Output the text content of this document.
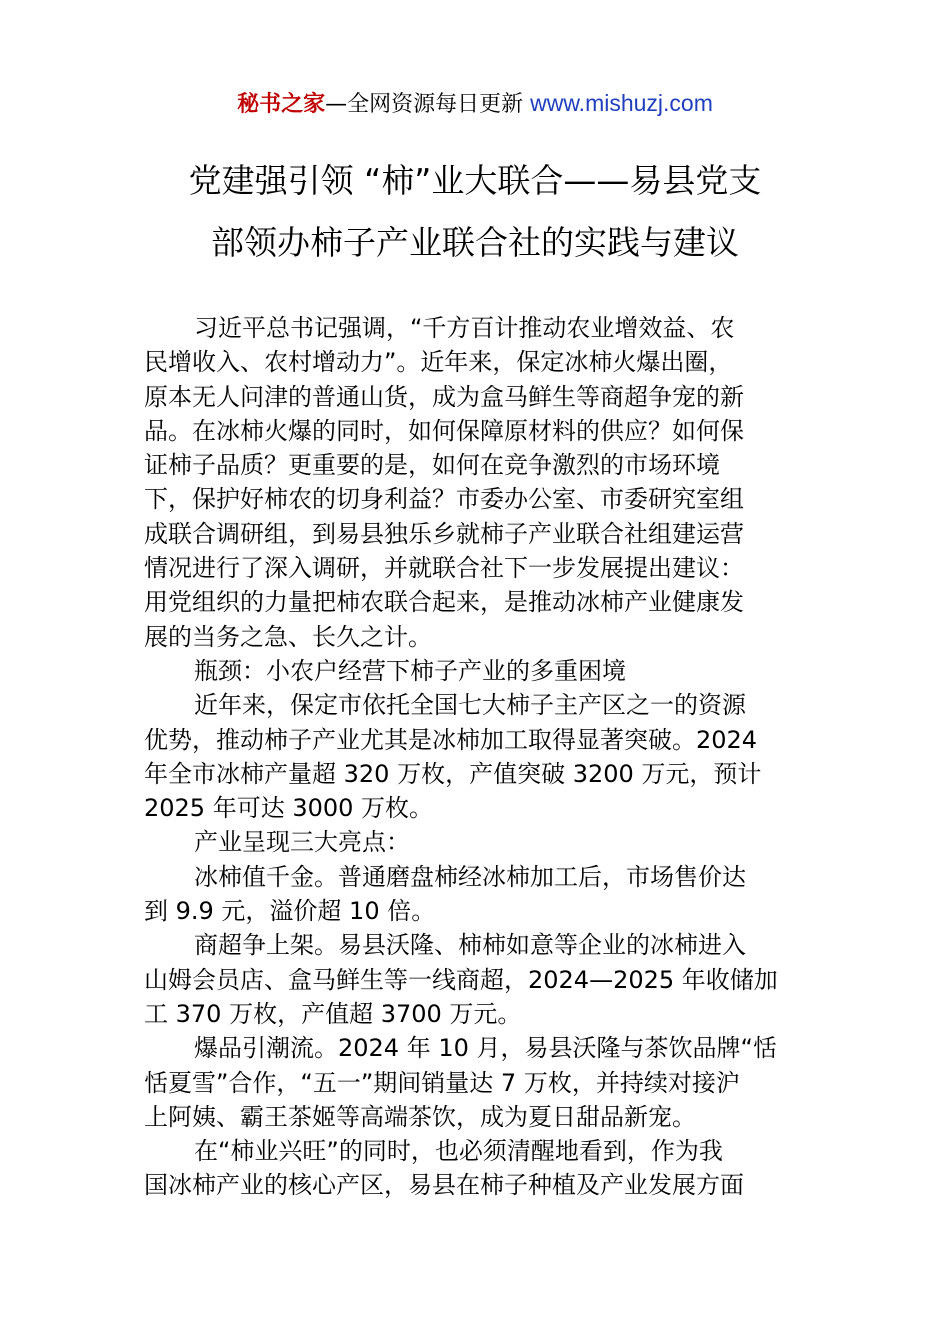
秘书之家—全网资源每日更新 www.mishuzj.com
党建强引领 “柿”业大联合——易县党支
部领办柿子产业联合社的实践与建议
习近平总书记强调，“千方百计推动农业增效益、农
民增收入、农村增动力”。近年来，保定冰柿火爆出圈，
原本无人问津的普通山货，成为盒马鲜生等商超争宠的新
品。在冰柿火爆的同时，如何保障原材料的供应？如何保
证柿子品质？更重要的是，如何在竞争激烈的市场环境
下，保护好柿农的切身利益？市委办公室、市委研究室组
成联合调研组，到易县独乐乡就柿子产业联合社组建运营
情况进行了深入调研，并就联合社下一步发展提出建议：
用党组织的力量把柿农联合起来，是推动冰柿产业健康发
展的当务之急、长久之计。
瓶颈：小农户经营下柿子产业的多重困境
近年来，保定市依托全国七大柿子主产区之一的资源
优势，推动柿子产业尤其是冰柿加工取得显著突破。2024
年全市冰柿产量超 320 万枚，产值突破 3200 万元，预计
2025 年可达 3000 万枚。
产业呈现三大亮点：
冰柿值千金。普通磨盘柿经冰柿加工后，市场售价达
到 9.9 元，溢价超 10 倍。
商超争上架。易县沃隆、柿柿如意等企业的冰柿进入
山姆会员店、盒马鲜生等一线商超，2024—2025 年收储加
工 370 万枚，产值超 3700 万元。
爆品引潮流。2024 年 10 月，易县沃隆与茶饮品牌“恬
恬夏雪”合作，“五一”期间销量达 7 万枚，并持续对接沪
上阿姨、霸王茶姬等高端茶饮，成为夏日甜品新宠。
在“柿业兴旺”的同时，也必须清醒地看到，作为我
国冰柿产业的核心产区，易县在柿子种植及产业发展方面
